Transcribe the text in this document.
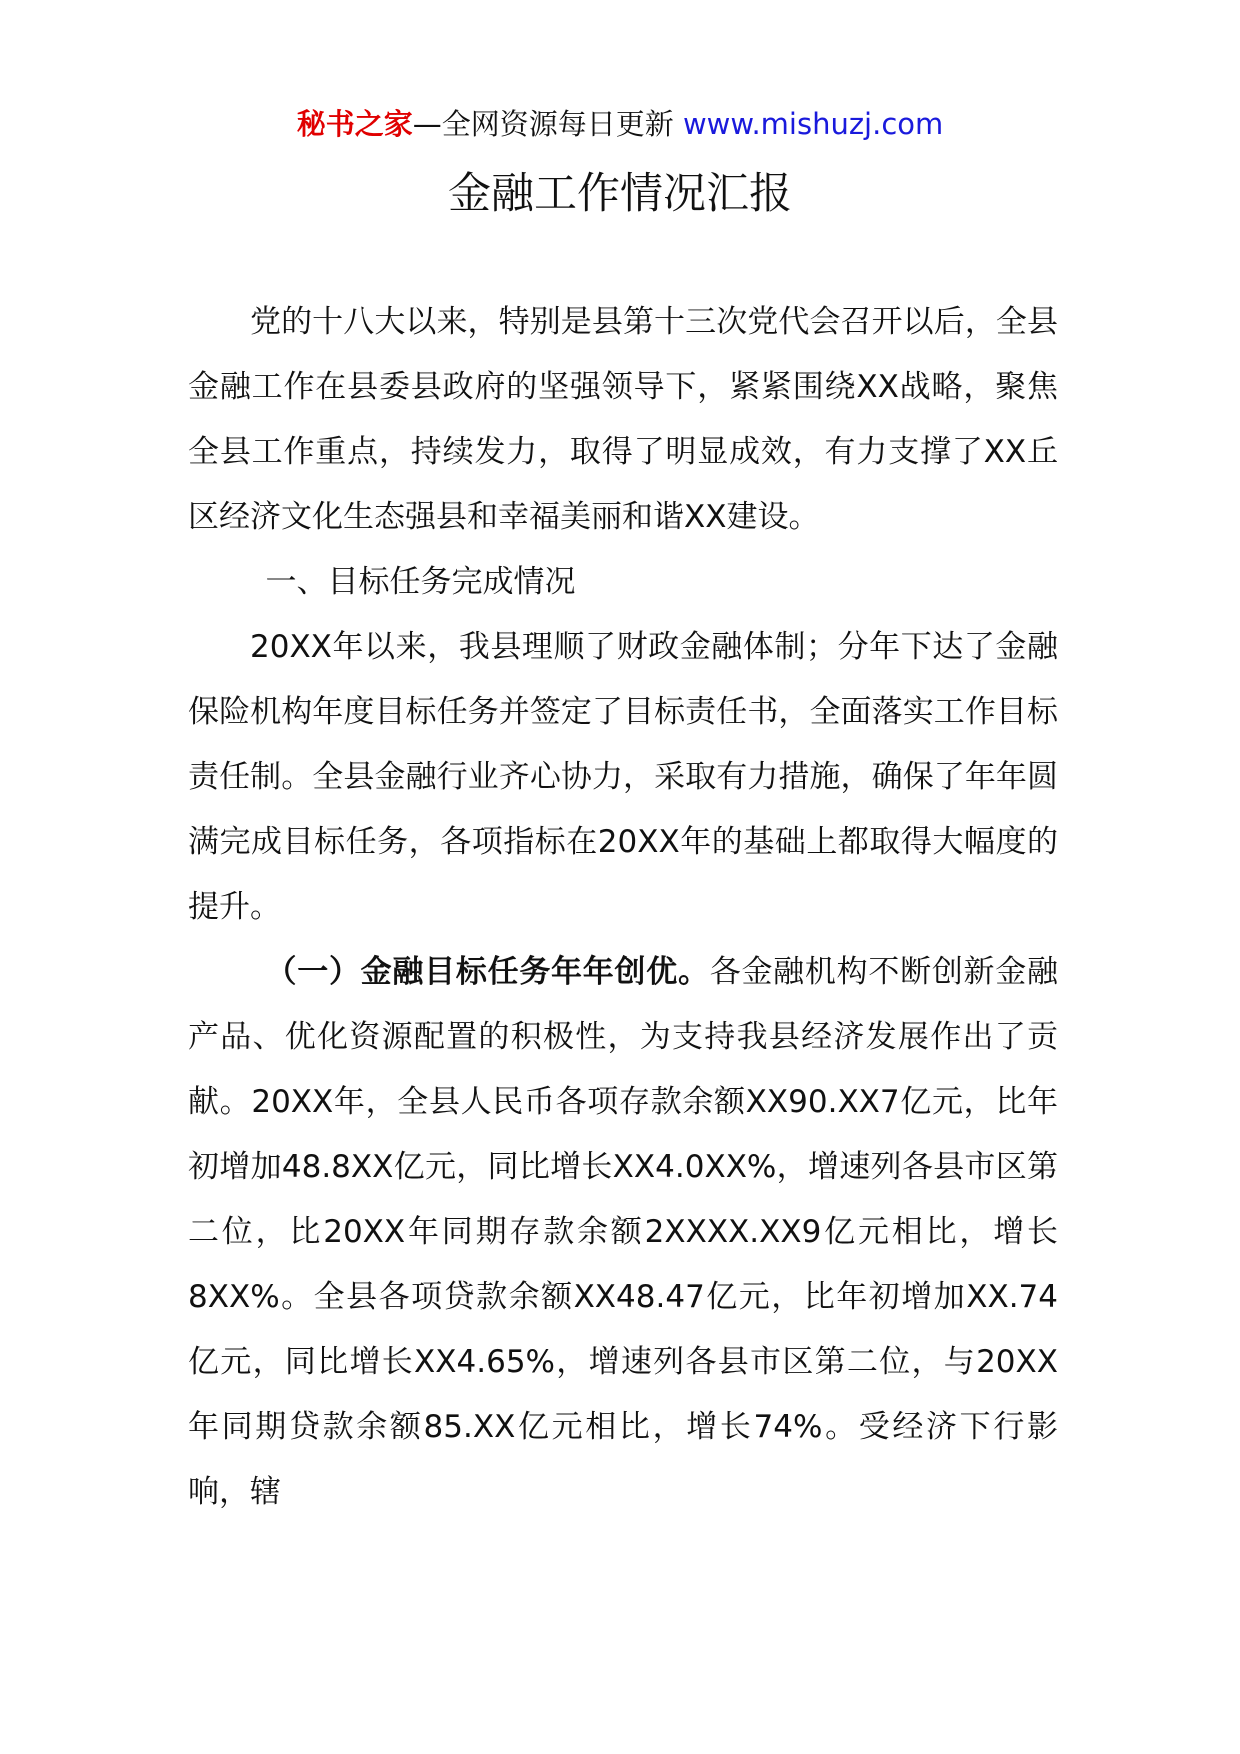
秘书之家—全网资源每日更新 www.mishuzj.com
金融工作情况汇报

党的十八大以来，特别是县第十三次党代会召开以后，全县金融工作在县委县政府的坚强领导下，紧紧围绕XX战略，聚焦全县工作重点，持续发力，取得了明显成效，有力支撑了XX丘区经济文化生态强县和幸福美丽和谐XX建设。

一、目标任务完成情况

20XX年以来，我县理顺了财政金融体制；分年下达了金融保险机构年度目标任务并签定了目标责任书，全面落实工作目标责任制。全县金融行业齐心协力，采取有力措施，确保了年年圆满完成目标任务，各项指标在20XX年的基础上都取得大幅度的提升。

（一）金融目标任务年年创优。各金融机构不断创新金融产品、优化资源配置的积极性，为支持我县经济发展作出了贡献。20XX年，全县人民币各项存款余额XX90.XX7亿元，比年初增加48.8XX亿元，同比增长XX4.0XX%，增速列各县市区第二位，比20XX年同期存款余额2XXXX.XX9亿元相比，增长8XX%。全县各项贷款余额XX48.47亿元，比年初增加XX.74亿元，同比增长XX4.65%，增速列各县市区第二位，与20XX年同期贷款余额85.XX亿元相比，增长74%。受经济下行影响，辖
